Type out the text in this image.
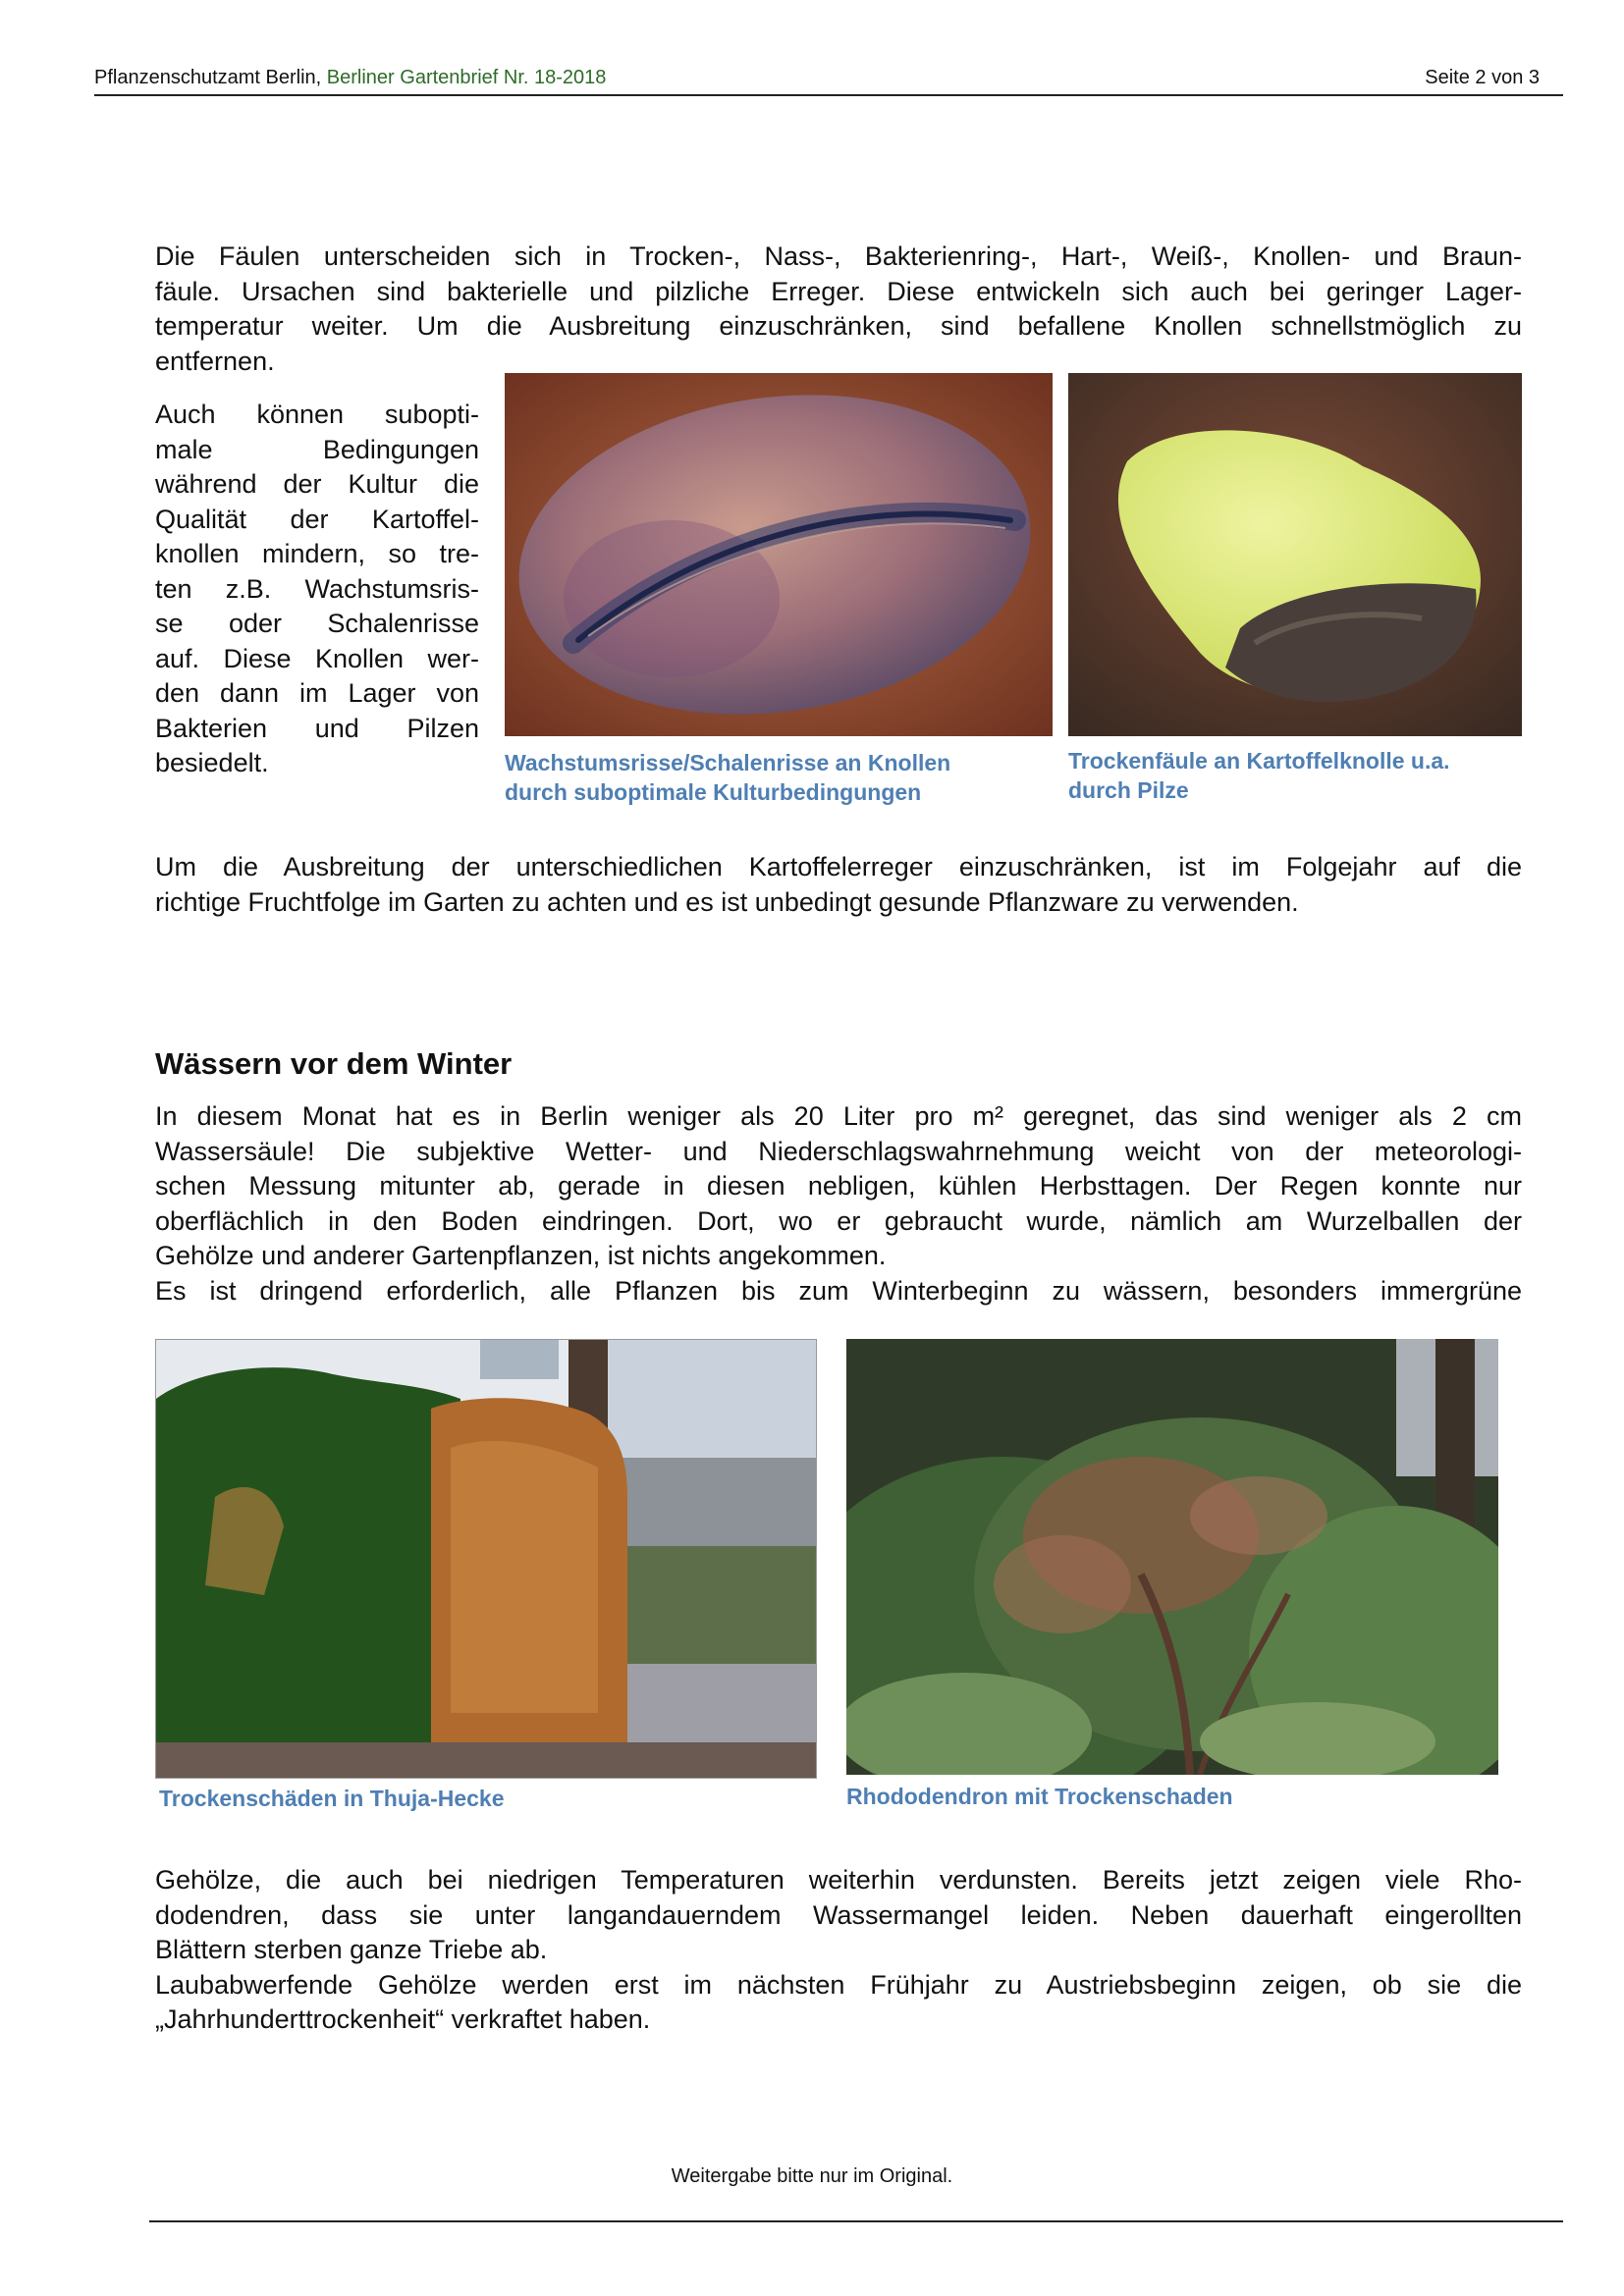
Pflanzenschutzamt Berlin, Berliner Gartenbrief Nr. 18-2018	Seite 2 von 3

Die Fäulen unterscheiden sich in Trocken-, Nass-, Bakterienring-, Hart-, Weiß-, Knollen- und Braun-
fäule. Ursachen sind bakterielle und pilzliche Erreger. Diese entwickeln sich auch bei geringer Lager-
temperatur weiter. Um die Ausbreitung einzuschränken, sind befallene Knollen schnellstmöglich zu
entfernen.

Auch können subopti-
male Bedingungen
während der Kultur die
Qualität der Kartoffel-
knollen mindern, so tre-
ten z.B. Wachstumsris-
se oder Schalenrisse
auf. Diese Knollen wer-
den dann im Lager von
Bakterien und Pilzen
besiedelt.	Wachstumsrisse/Schalenrisse an Knollen
durch suboptimale Kulturbedingungen
Trockenfäule an Kartoffelknolle u.a.
durch Pilze

Um die Ausbreitung der unterschiedlichen Kartoffelerreger einzuschränken, ist im Folgejahr auf die
richtige Fruchtfolge im Garten zu achten und es ist unbedingt gesunde Pflanzware zu verwenden.

Wässern vor dem Winter

In diesem Monat hat es in Berlin weniger als 20 Liter pro m² geregnet, das sind weniger als 2 cm
Wassersäule! Die subjektive Wetter- und Niederschlagswahrnehmung weicht von der meteorologi-
schen Messung mitunter ab, gerade in diesen nebligen, kühlen Herbsttagen. Der Regen konnte nur
oberflächlich in den Boden eindringen. Dort, wo er gebraucht wurde, nämlich am Wurzelballen der
Gehölze und anderer Gartenpflanzen, ist nichts angekommen.
Es ist dringend erforderlich, alle Pflanzen bis zum Winterbeginn zu wässern, besonders immergrüne

Trockenschäden in Thuja-Hecke	Rhododendron mit Trockenschaden

Gehölze, die auch bei niedrigen Temperaturen weiterhin verdunsten. Bereits jetzt zeigen viele Rho-
dodendren, dass sie unter langandauerndem Wassermangel leiden. Neben dauerhaft eingerollten
Blättern sterben ganze Triebe ab.
Laubabwerfende Gehölze werden erst im nächsten Frühjahr zu Austriebsbeginn zeigen, ob sie die
„Jahrhunderttrockenheit“ verkraftet haben.

Weitergabe bitte nur im Original.
